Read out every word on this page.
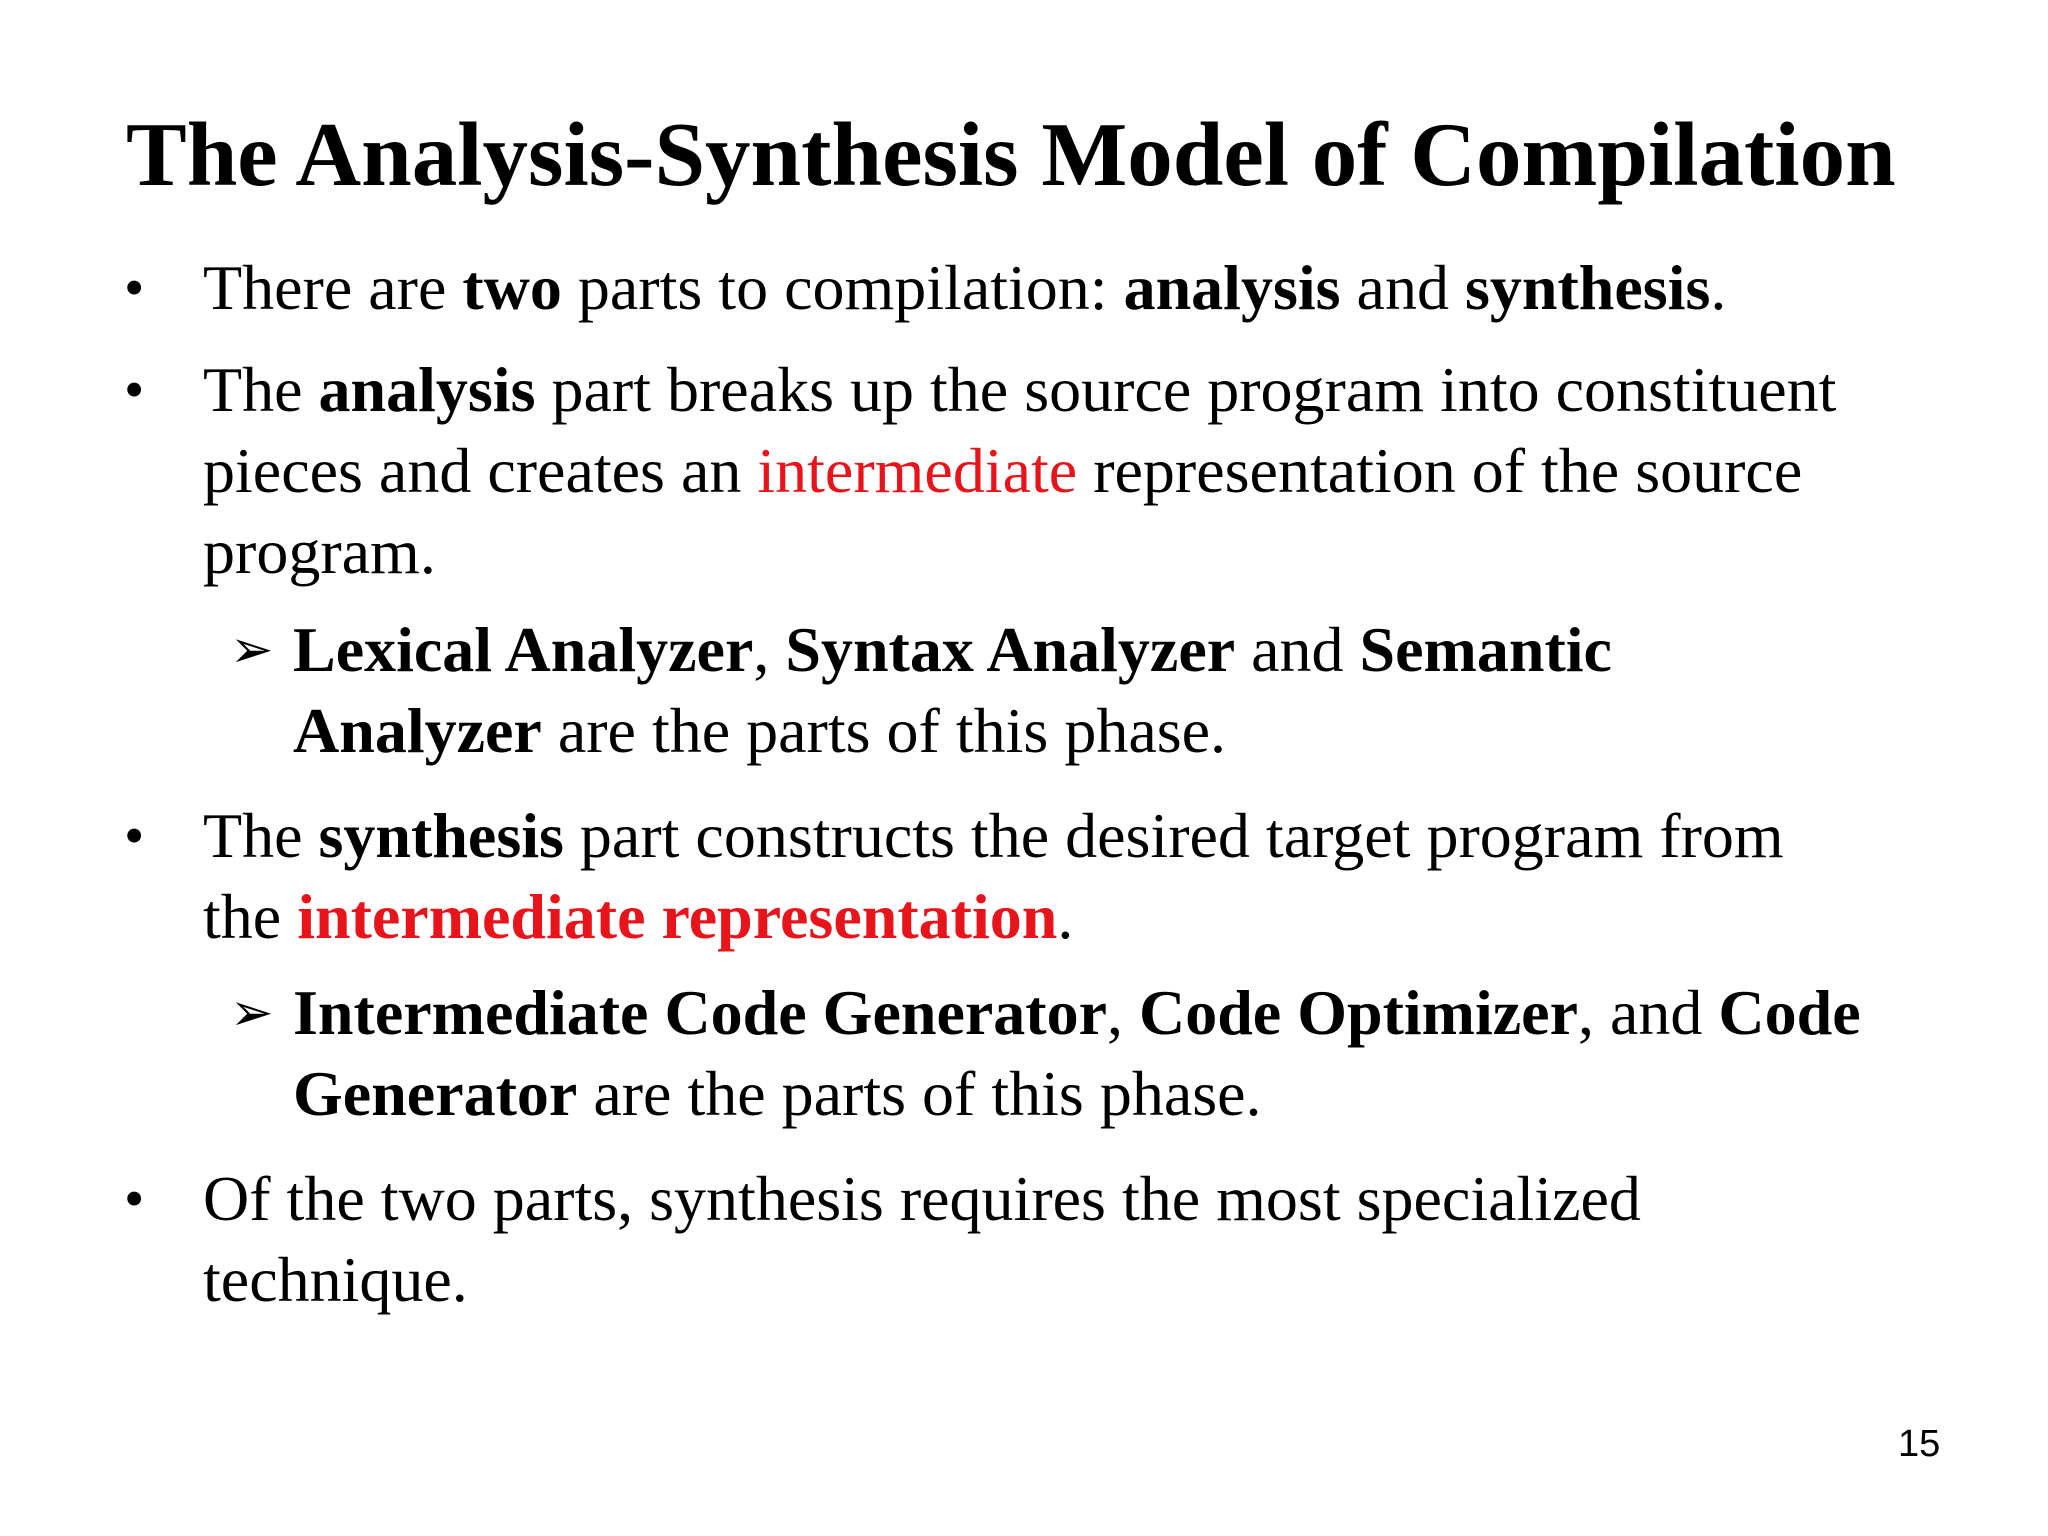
The Analysis-Synthesis Model of Compilation
• There are two parts to compilation: analysis and synthesis.
• The analysis part breaks up the source program into constituent
pieces and creates an intermediate representation of the source
program.
➢ Lexical Analyzer, Syntax Analyzer and Semantic
Analyzer are the parts of this phase.
• The synthesis part constructs the desired target program from
the intermediate representation.
➢ Intermediate Code Generator, Code Optimizer, and Code
Generator are the parts of this phase.
• Of the two parts, synthesis requires the most specialized
technique.
15
